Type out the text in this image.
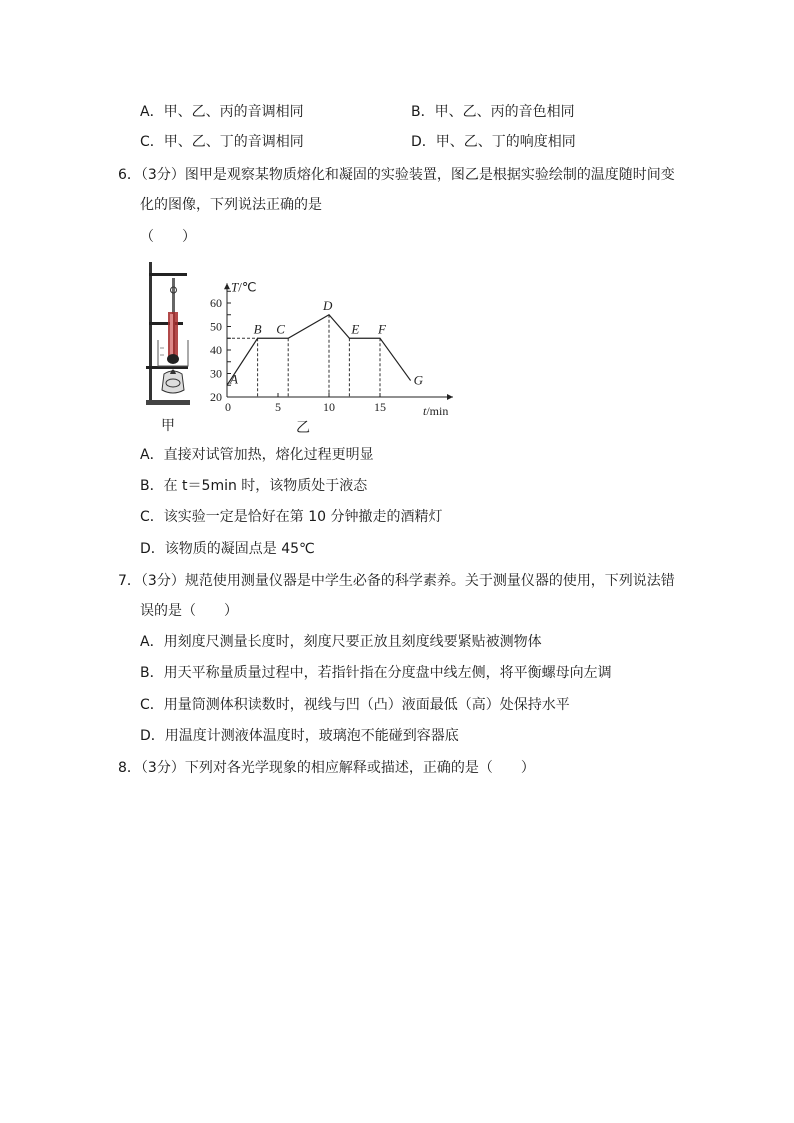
A．甲、乙、丙的音调相同	B．甲、乙、丙的音色相同
C．甲、乙、丁的音调相同	D．甲、乙、丁的响度相同
6．（3分）图甲是观察某物质熔化和凝固的实验装置，图乙是根据实验绘制的温度随时间变
化的图像，下列说法正确的是
（　　）
甲
20
30
40
50
60
0	5	10	15
T/℃
t/min
A
B C
D
E F
G
乙
A．直接对试管加热，熔化过程更明显
B．在 t＝5min 时，该物质处于液态
C．该实验一定是恰好在第 10 分钟撤走的酒精灯
D．该物质的凝固点是 45℃
7．（3分）规范使用测量仪器是中学生必备的科学素养。关于测量仪器的使用，下列说法错
误的是（　　）
A．用刻度尺测量长度时，刻度尺要正放且刻度线要紧贴被测物体
B．用天平称量质量过程中，若指针指在分度盘中线左侧，将平衡螺母向左调
C．用量筒测体积读数时，视线与凹（凸）液面最低（高）处保持水平
D．用温度计测液体温度时，玻璃泡不能碰到容器底
8．（3分）下列对各光学现象的相应解释或描述，正确的是（　　）
